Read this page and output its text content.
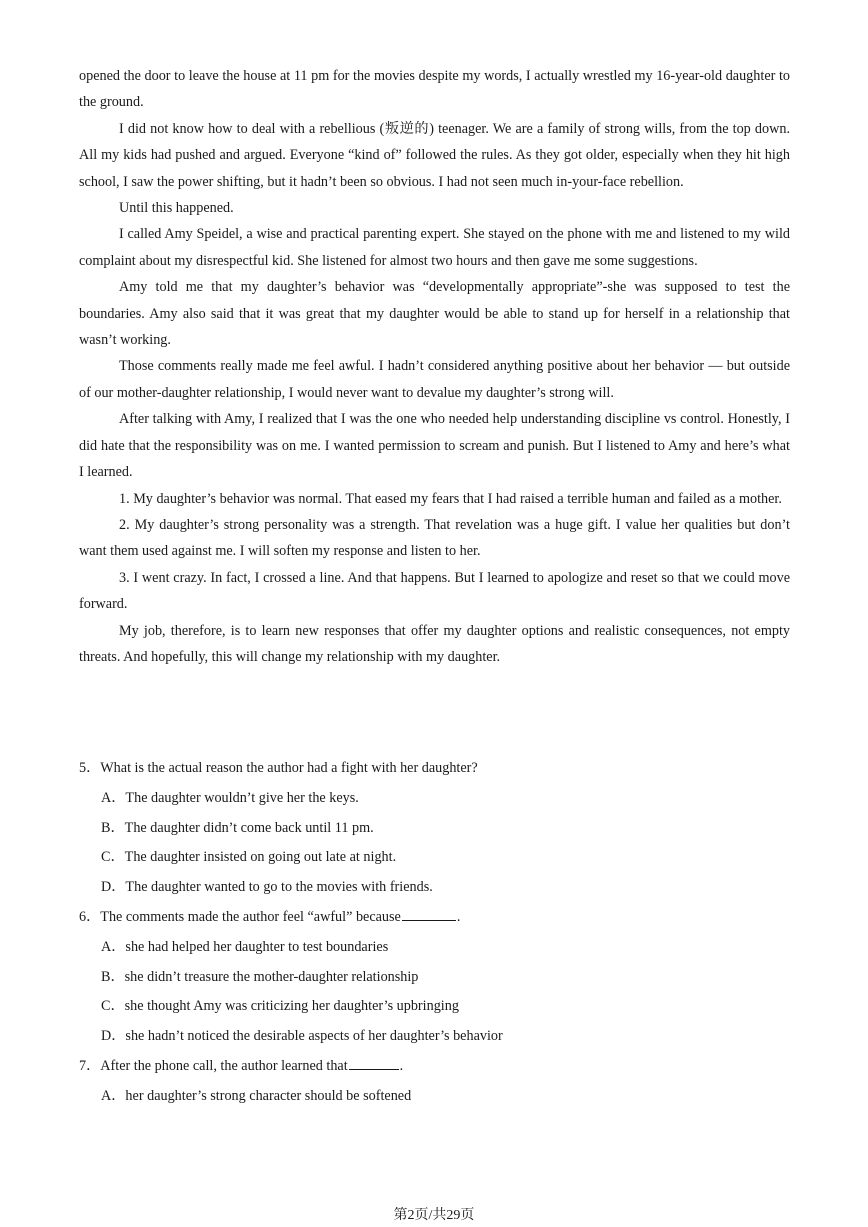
opened the door to leave the house at 11 pm for the movies despite my words, I actually wrestled my 16-year-old daughter to the ground.

I did not know how to deal with a rebellious (叛逆的) teenager. We are a family of strong wills, from the top down. All my kids had pushed and argued. Everyone “kind of” followed the rules. As they got older, especially when they hit high school, I saw the power shifting, but it hadn’t been so obvious. I had not seen much in-your-face rebellion.

Until this happened.

I called Amy Speidel, a wise and practical parenting expert. She stayed on the phone with me and listened to my wild complaint about my disrespectful kid. She listened for almost two hours and then gave me some suggestions.

Amy told me that my daughter’s behavior was “developmentally appropriate”-she was supposed to test the boundaries. Amy also said that it was great that my daughter would be able to stand up for herself in a relationship that wasn’t working.

Those comments really made me feel awful. I hadn’t considered anything positive about her behavior — but outside of our mother-daughter relationship, I would never want to devalue my daughter’s strong will.

After talking with Amy, I realized that I was the one who needed help understanding discipline vs control. Honestly, I did hate that the responsibility was on me. I wanted permission to scream and punish. But I listened to Amy and here’s what I learned.

1. My daughter’s behavior was normal. That eased my fears that I had raised a terrible human and failed as a mother.

2. My daughter’s strong personality was a strength. That revelation was a huge gift. I value her qualities but don’t want them used against me. I will soften my response and listen to her.

3. I went crazy. In fact, I crossed a line. And that happens. But I learned to apologize and reset so that we could move forward.

My job, therefore, is to learn new responses that offer my daughter options and realistic consequences, not empty threats. And hopefully, this will change my relationship with my daughter.

5．What is the actual reason the author had a fight with her daughter?
A．The daughter wouldn’t give her the keys.
B．The daughter didn’t come back until 11 pm.
C．The daughter insisted on going out late at night.
D．The daughter wanted to go to the movies with friends.
6．The comments made the author feel “awful” because	.
A．she had helped her daughter to test boundaries
B．she didn’t treasure the mother-daughter relationship
C．she thought Amy was criticizing her daughter’s upbringing
D．she hadn’t noticed the desirable aspects of her daughter’s behavior
7．After the phone call, the author learned that	.
A．her daughter’s strong character should be softened
第2页/共29页
